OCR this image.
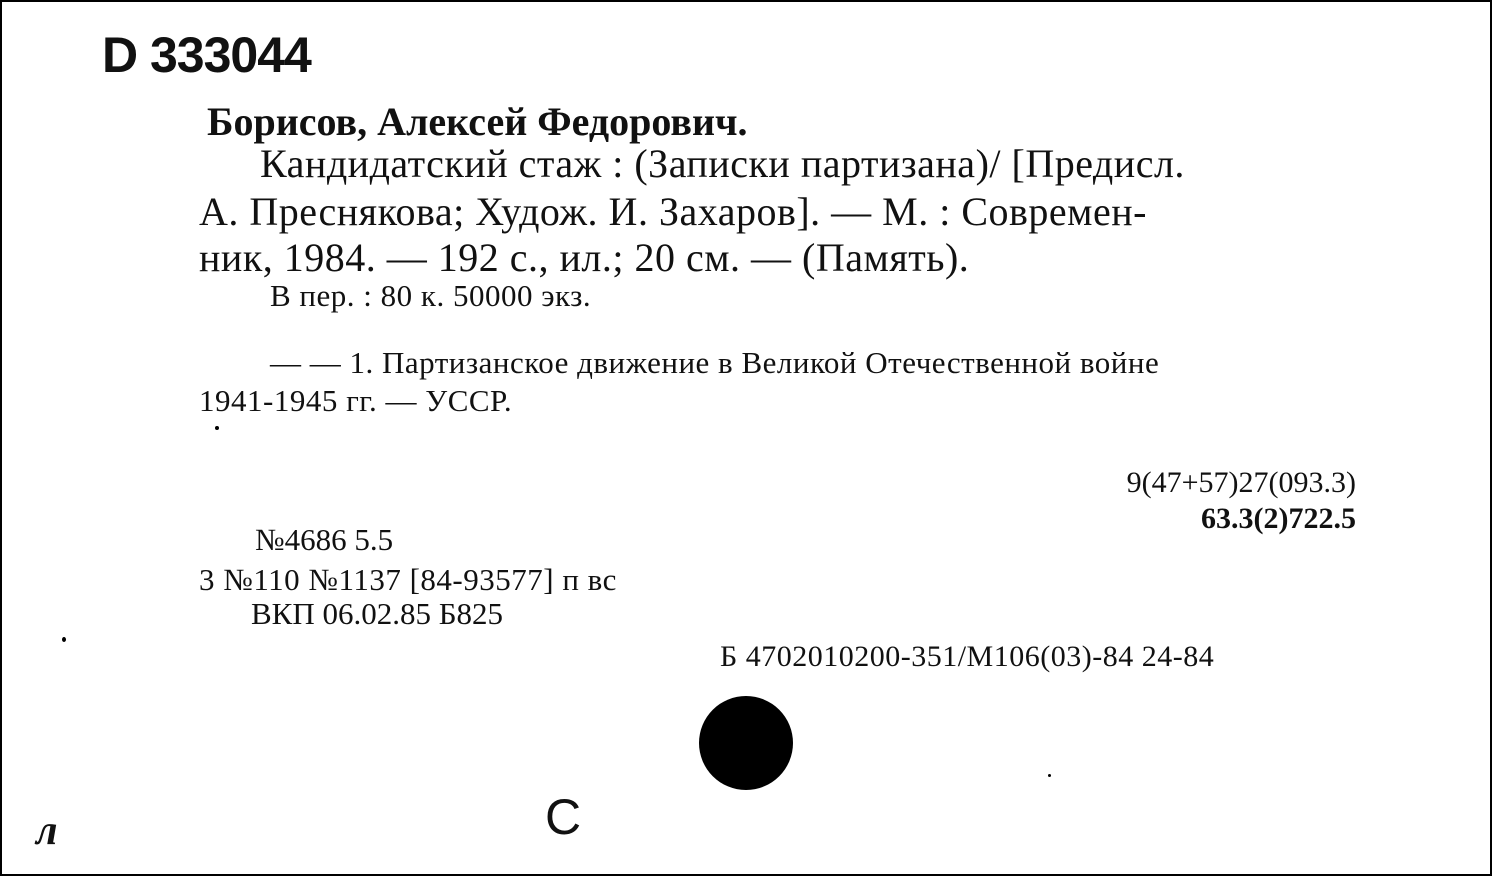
D 333044
Борисов, Алексей Федорович.
Кандидатский стаж : (Записки партизана)/ [Предисл.
А. Преснякова; Худож. И. Захаров]. — М. : Современ-
ник, 1984. — 192 с., ил.; 20 см. — (Память).
В пер. : 80 к. 50000 экз.
— — 1. Партизанское движение в Великой Отечественной войне
1941-1945 гг. — УССР.
9(47+57)27(093.3)
63.3(2)722.5
№4686 5.5
3 №110 №1137 [84-93577] п вс
ВКП 06.02.85 Б825
Б 4702010200-351/М106(03)-84 24-84
С
л
